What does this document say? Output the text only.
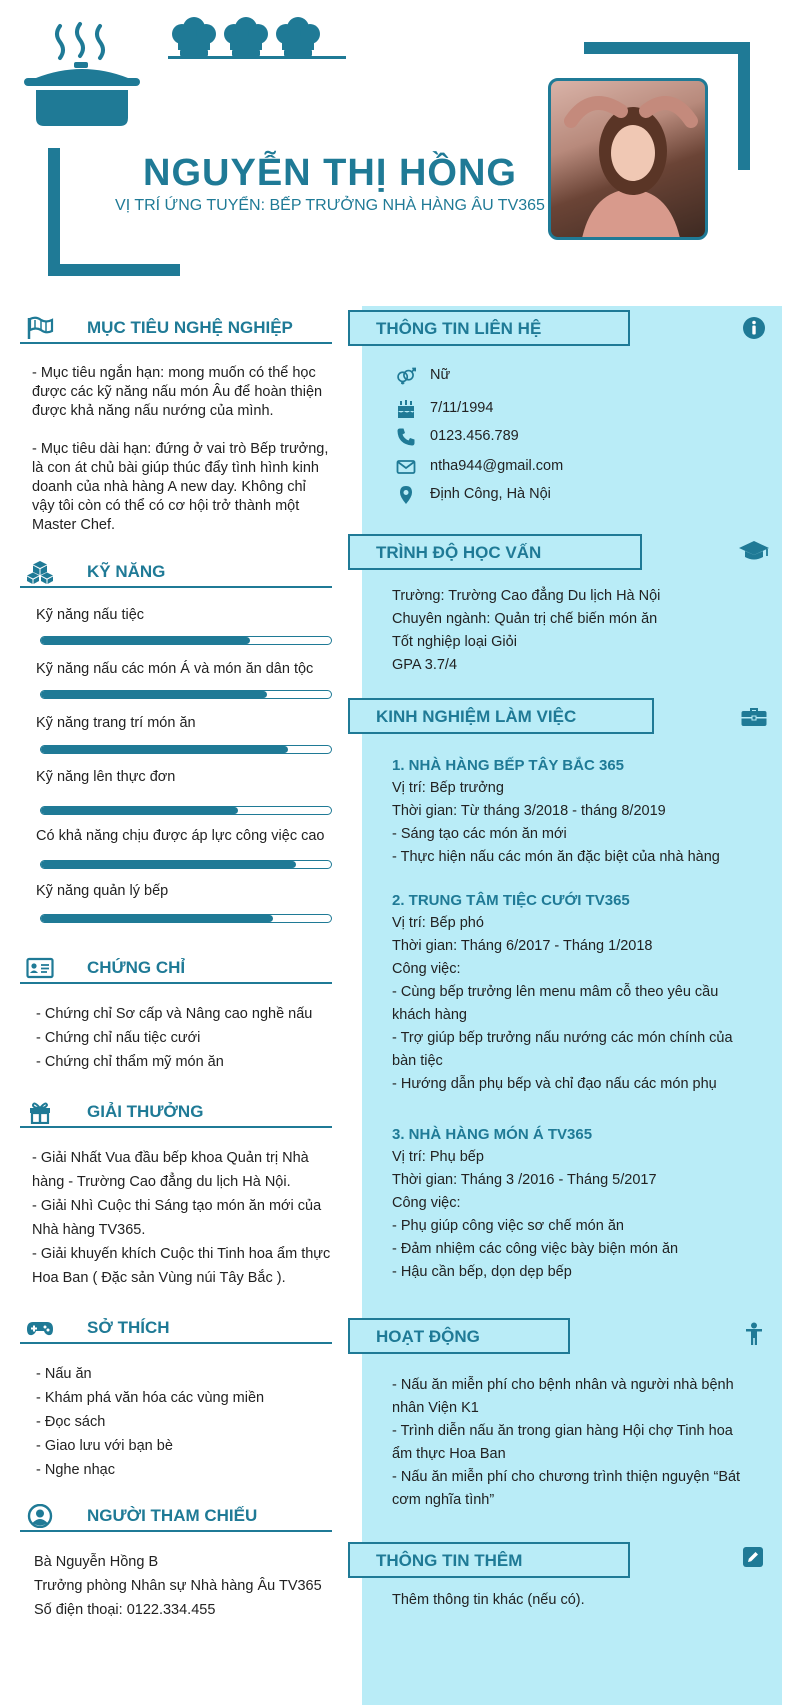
NGUYỄN THỊ HỒNG
VỊ TRÍ ỨNG TUYỂN: BẾP TRƯỞNG NHÀ HÀNG ÂU TV365
MỤC TIÊU NGHỆ NGHIỆP
- Mục tiêu ngắn hạn: mong muốn có thể học được các kỹ năng nấu món Âu để hoàn thiện được khả năng nấu nướng của mình.
- Mục tiêu dài hạn: đứng ở vai trò Bếp trưởng, là con át chủ bài giúp thúc đẩy tình hình kinh doanh của nhà hàng A new day. Không chỉ vậy tôi còn có thể có cơ hội trở thành một Master Chef.
KỸ NĂNG
Kỹ năng nấu tiệc
Kỹ năng nấu các món Á và món ăn dân tộc
Kỹ năng trang trí món ăn
Kỹ năng lên thực đơn
Có khả năng chịu được áp lực công việc cao
Kỹ năng quản lý bếp
CHỨNG CHỈ
- Chứng chỉ Sơ cấp và Nâng cao nghề nấu
- Chứng chỉ nấu tiệc cưới
- Chứng chỉ thẩm mỹ món ăn
GIẢI THƯỞNG
- Giải Nhất Vua đầu bếp khoa Quản trị Nhà hàng - Trường Cao đẳng du lịch Hà Nội.
- Giải Nhì Cuộc thi Sáng tạo món ăn mới của Nhà hàng TV365.
- Giải khuyến khích Cuộc thi Tinh hoa ẩm thực Hoa Ban ( Đặc sản Vùng núi Tây Bắc ).
SỞ THÍCH
- Nấu ăn
- Khám phá văn hóa các vùng miền
- Đọc sách
- Giao lưu với bạn bè
- Nghe nhạc
NGƯỜI THAM CHIẾU
Bà Nguyễn Hồng B
Trưởng phòng Nhân sự Nhà hàng Âu TV365
Số điện thoại: 0122.334.455
THÔNG TIN LIÊN HỆ
Nữ
7/11/1994
0123.456.789
ntha944@gmail.com
Định Công, Hà Nội
TRÌNH ĐỘ HỌC VẤN
Trường: Trường Cao đẳng Du lịch Hà Nội
Chuyên ngành: Quản trị chế biến món ăn
Tốt nghiệp loại Giỏi
GPA 3.7/4
KINH NGHIỆM LÀM VIỆC
1. NHÀ HÀNG BẾP TÂY BẮC 365
Vị trí: Bếp trưởng
Thời gian: Từ tháng 3/2018 - tháng 8/2019
- Sáng tạo các món ăn mới
- Thực hiện nấu các món ăn đặc biệt của nhà hàng
2. TRUNG TÂM TIỆC CƯỚI TV365
Vị trí: Bếp phó
Thời gian: Tháng 6/2017 - Tháng 1/2018
Công việc:
- Cùng bếp trưởng lên menu mâm cỗ theo yêu cầu khách hàng
- Trợ giúp bếp trưởng nấu nướng các món chính của bàn tiệc
- Hướng dẫn phụ bếp và chỉ đạo nấu các món phụ
3. NHÀ HÀNG MÓN Á TV365
Vị trí: Phụ bếp
Thời gian: Tháng 3 /2016 - Tháng 5/2017
Công việc:
- Phụ giúp công việc sơ chế món ăn
- Đảm nhiệm các công việc bày biện món ăn
- Hậu cần bếp, dọn dẹp bếp
HOẠT ĐỘNG
- Nấu ăn miễn phí cho bệnh nhân và người nhà bệnh nhân Viện K1
- Trình diễn nấu ăn trong gian hàng Hội chợ Tinh hoa ẩm thực Hoa Ban
- Nấu ăn miễn phí cho chương trình thiện nguyện “Bát cơm nghĩa tình”
THÔNG TIN THÊM
Thêm thông tin khác (nếu có).
